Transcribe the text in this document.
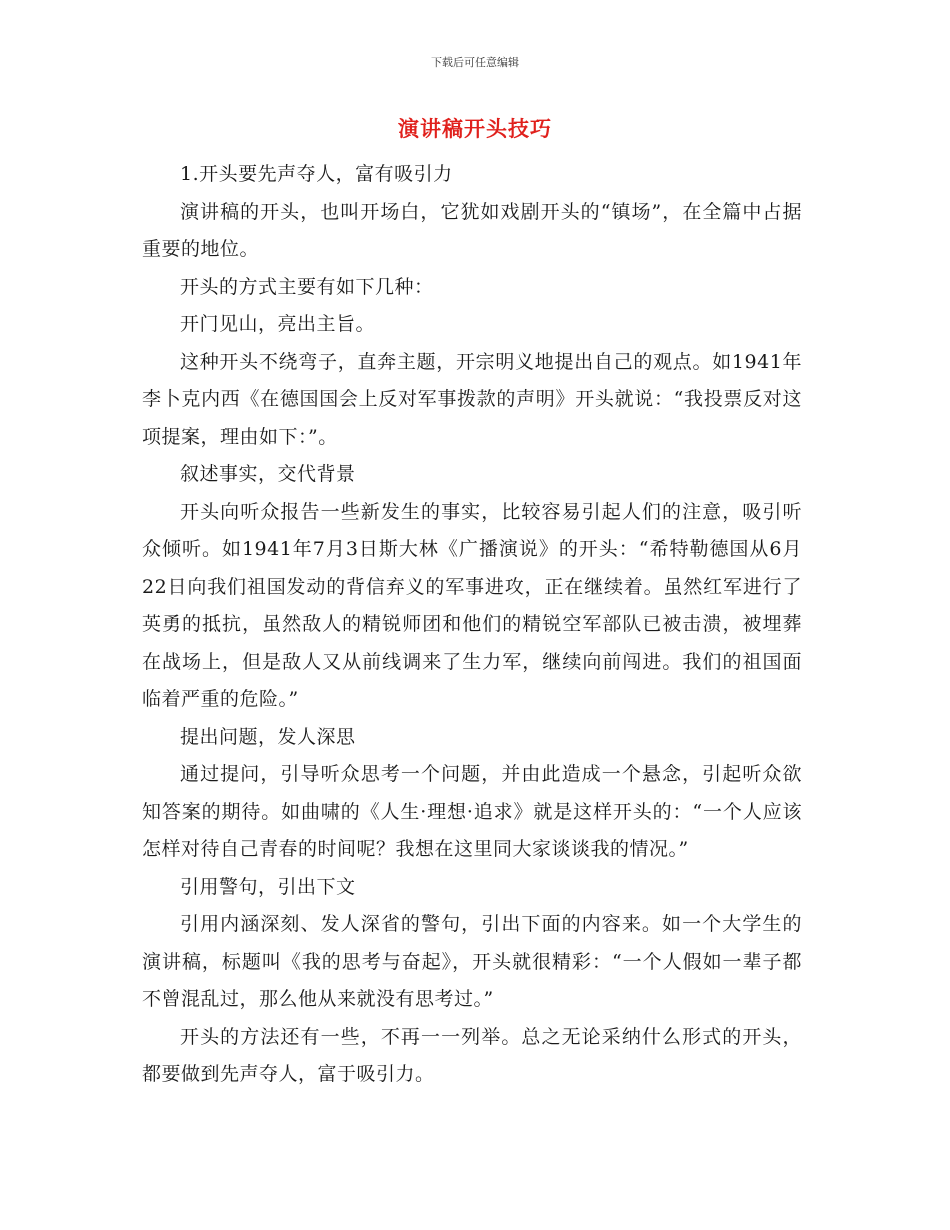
下载后可任意编辑
演讲稿开头技巧

1.开头要先声夺人，富有吸引力

演讲稿的开头，也叫开场白，它犹如戏剧开头的“镇场”，在全篇中占据重要的地位。

开头的方式主要有如下几种：

开门见山，亮出主旨。

这种开头不绕弯子，直奔主题，开宗明义地提出自己的观点。如1941年李卜克内西《在德国国会上反对军事拨款的声明》开头就说：“我投票反对这项提案，理由如下：”。

叙述事实，交代背景

开头向听众报告一些新发生的事实，比较容易引起人们的注意，吸引听众倾听。如1941年7月3日斯大林《广播演说》的开头：“希特勒德国从6月22日向我们祖国发动的背信弃义的军事进攻，正在继续着。虽然红军进行了英勇的抵抗，虽然敌人的精锐师团和他们的精锐空军部队已被击溃，被埋葬在战场上，但是敌人又从前线调来了生力军，继续向前闯进。我们的祖国面临着严重的危险。”

提出问题，发人深思

通过提问，引导听众思考一个问题，并由此造成一个悬念，引起听众欲知答案的期待。如曲啸的《人生·理想·追求》就是这样开头的：“一个人应该怎样对待自己青春的时间呢？我想在这里同大家谈谈我的情况。”

引用警句，引出下文

引用内涵深刻、发人深省的警句，引出下面的内容来。如一个大学生的演讲稿，标题叫《我的思考与奋起》，开头就很精彩：“一个人假如一辈子都不曾混乱过，那么他从来就没有思考过。”

开头的方法还有一些，不再一一列举。总之无论采纳什么形式的开头，都要做到先声夺人，富于吸引力。
